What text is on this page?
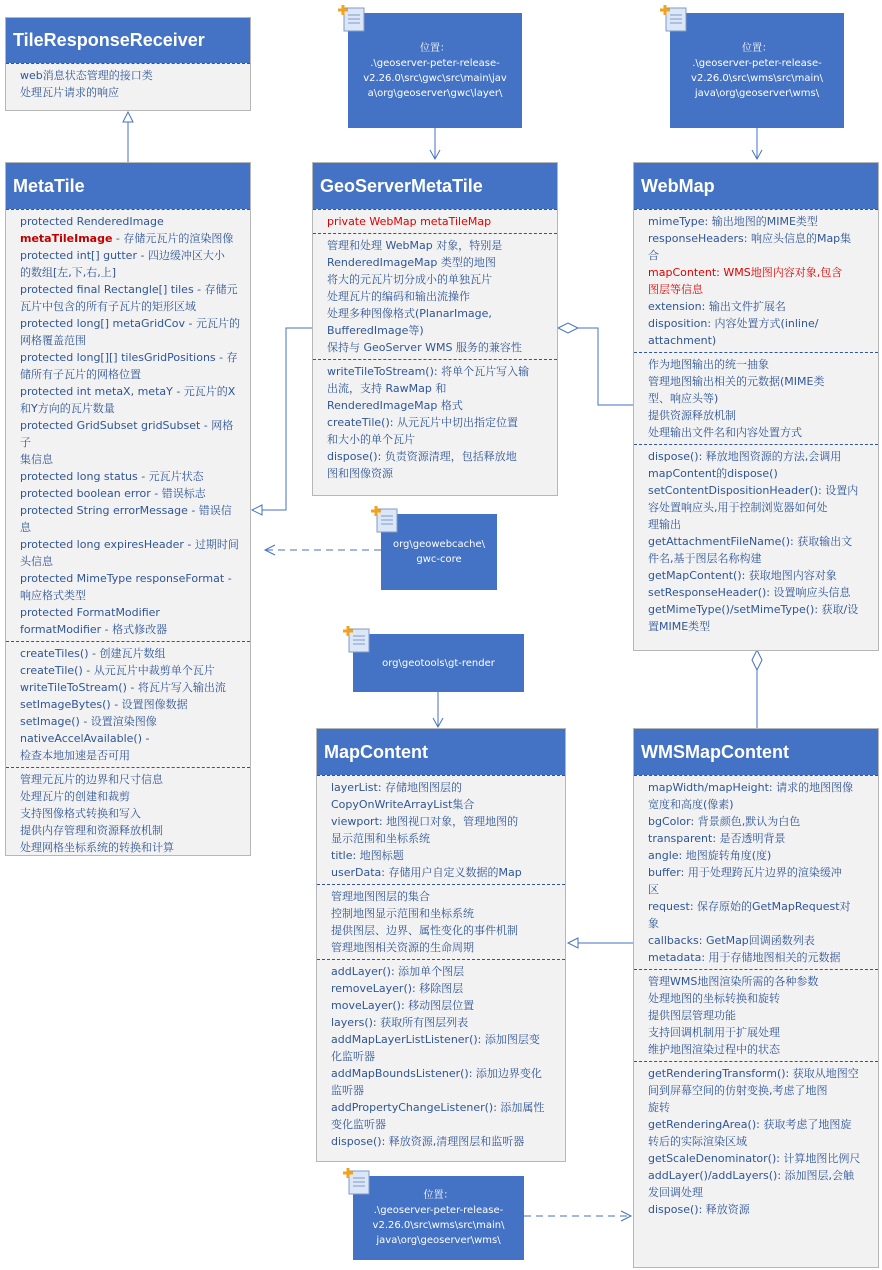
TileResponseReceiver
web消息状态管理的接口类
处理瓦片请求的响应
MetaTile
protected RenderedImage
metaTileImage - 存储元瓦片的渲染图像
protected int[] gutter - 四边缓冲区大小
的数组[左,下,右,上]
protected final Rectangle[] tiles - 存储元
瓦片中包含的所有子瓦片的矩形区域
protected long[] metaGridCov - 元瓦片的
网格覆盖范围
protected long[][] tilesGridPositions - 存
储所有子瓦片的网格位置
protected int metaX, metaY - 元瓦片的X
和Y方向的瓦片数量
protected GridSubset gridSubset - 网格子
集信息
protected long status - 元瓦片状态
protected boolean error - 错误标志
protected String errorMessage - 错误信
息
protected long expiresHeader - 过期时间
头信息
protected MimeType responseFormat -
响应格式类型
protected FormatModifier
formatModifier - 格式修改器
createTiles() - 创建瓦片数组
createTile() - 从元瓦片中裁剪单个瓦片
writeTileToStream() - 将瓦片写入输出流
setImageBytes() - 设置图像数据
setImage() - 设置渲染图像
nativeAccelAvailable() -
检查本地加速是否可用
管理元瓦片的边界和尺寸信息
处理瓦片的创建和裁剪
支持图像格式转换和写入
提供内存管理和资源释放机制
处理网格坐标系统的转换和计算
GeoServerMetaTile
private WebMap metaTileMap
管理和处理 WebMap 对象，特别是
RenderedImageMap 类型的地图
将大的元瓦片切分成小的单独瓦片
处理瓦片的编码和输出流操作
处理多种图像格式(PlanarImage,
BufferedImage等)
保持与 GeoServer WMS 服务的兼容性
writeTileToStream(): 将单个瓦片写入输
出流，支持 RawMap 和
RenderedImageMap 格式
createTile(): 从元瓦片中切出指定位置
和大小的单个瓦片
dispose(): 负责资源清理，包括释放地
图和图像资源
WebMap
mimeType: 输出地图的MIME类型
responseHeaders: 响应头信息的Map集
合
mapContent: WMS地图内容对象,包含
图层等信息
extension: 输出文件扩展名
disposition: 内容处置方式(inline/
attachment)
作为地图输出的统一抽象
管理地图输出相关的元数据(MIME类
型、响应头等)
提供资源释放机制
处理输出文件名和内容处置方式
dispose(): 释放地图资源的方法,会调用
mapContent的dispose()
setContentDispositionHeader(): 设置内
容处置响应头,用于控制浏览器如何处
理输出
getAttachmentFileName(): 获取输出文
件名,基于图层名称构建
getMapContent(): 获取地图内容对象
setResponseHeader(): 设置响应头信息
getMimeType()/setMimeType(): 获取/设
置MIME类型
MapContent
layerList: 存储地图图层的
CopyOnWriteArrayList集合
viewport: 地图视口对象，管理地图的
显示范围和坐标系统
title: 地图标题
userData: 存储用户自定义数据的Map
管理地图图层的集合
控制地图显示范围和坐标系统
提供图层、边界、属性变化的事件机制
管理地图相关资源的生命周期
addLayer(): 添加单个图层
removeLayer(): 移除图层
moveLayer(): 移动图层位置
layers(): 获取所有图层列表
addMapLayerListListener(): 添加图层变
化监听器
addMapBoundsListener(): 添加边界变化
监听器
addPropertyChangeListener(): 添加属性
变化监听器
dispose(): 释放资源,清理图层和监听器
WMSMapContent
mapWidth/mapHeight: 请求的地图图像
宽度和高度(像素)
bgColor: 背景颜色,默认为白色
transparent: 是否透明背景
angle: 地图旋转角度(度)
buffer: 用于处理跨瓦片边界的渲染缓冲
区
request: 保存原始的GetMapRequest对
象
callbacks: GetMap回调函数列表
metadata: 用于存储地图相关的元数据
管理WMS地图渲染所需的各种参数
处理地图的坐标转换和旋转
提供图层管理功能
支持回调机制用于扩展处理
维护地图渲染过程中的状态
getRenderingTransform(): 获取从地图空
间到屏幕空间的仿射变换,考虑了地图
旋转
getRenderingArea(): 获取考虑了地图旋
转后的实际渲染区域
getScaleDenominator(): 计算地图比例尺
addLayer()/addLayers(): 添加图层,会触
发回调处理
dispose(): 释放资源
位置：
.\geoserver-peter-release-
v2.26.0\src\gwc\src\main\jav
a\org\geoserver\gwc\layer\
位置：
.\geoserver-peter-release-
v2.26.0\src\wms\src\main\
java\org\geoserver\wms\
org\geowebcache\
gwc-core
org\geotools\gt-render
位置：
.\geoserver-peter-release-
v2.26.0\src\wms\src\main\
java\org\geoserver\wms\
